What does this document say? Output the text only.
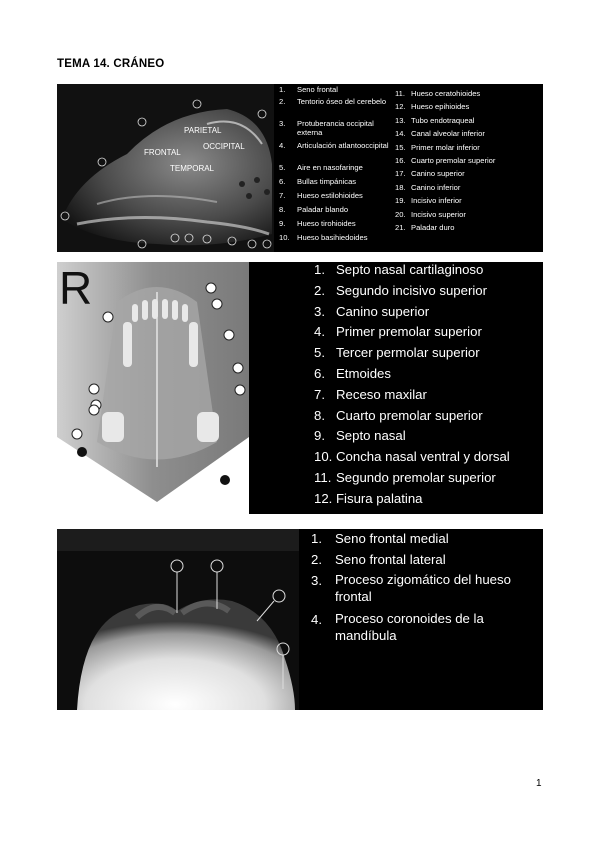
TEMA 14. CRÁNEO
PARIETAL
OCCIPITAL
FRONTAL
TEMPORAL
1.	Seno frontal
2.	Tentorio óseo del cerebelo
3.	Protuberancia occipital externa
4.	Articulación atlantooccipital
5.	Aire en nasofaringe
6.	Bullas timpánicas
7.	Hueso estilohioides
8.	Paladar blando
9.	Hueso tirohioides
10. Hueso basihiedoides
11. Hueso ceratohioides
12. Hueso epihioides
13. Tubo endotraqueal
14. Canal alveolar inferior
15. Primer molar inferior
16. Cuarto premolar superior
17. Canino superior
18. Canino inferior
19. Incisivo inferior
20. Incisivo superior
21. Paladar duro
R	1. Septo nasal cartilaginoso
2. Segundo incisivo superior
3. Canino superior
4. Primer premolar superior
5. Tercer permolar superior
6. Etmoides
7. Receso maxilar
8. Cuarto premolar superior
9. Septo nasal
10. Concha nasal ventral y dorsal
11. Segundo premolar superior
12. Fisura palatina
1. Seno frontal medial
2. Seno frontal lateral
3. Proceso zigomático del hueso frontal
4. Proceso coronoides de la mandíbula
1
